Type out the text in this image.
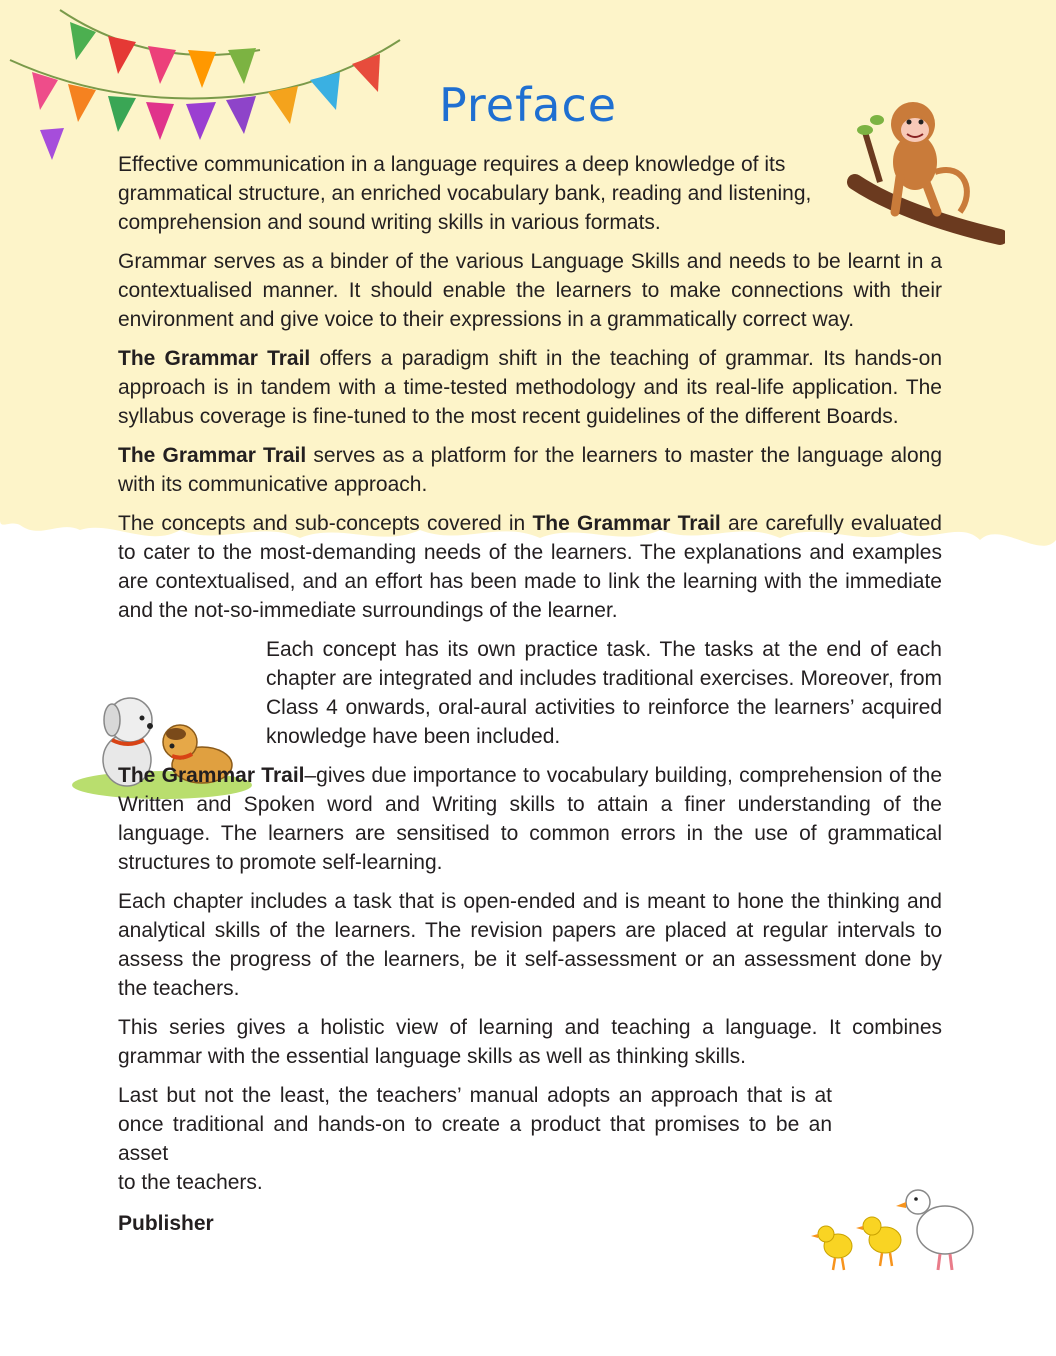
Preface

Effective communication in a language requires a deep knowledge of its grammatical structure, an enriched vocabulary bank, reading and listening, comprehension and sound writing skills in various formats.

Grammar serves as a binder of the various Language Skills and needs to be learnt in a contextualised manner. It should enable the learners to make connections with their environment and give voice to their expressions in a grammatically correct way.

The Grammar Trail offers a paradigm shift in the teaching of grammar. Its hands-on approach is in tandem with a time-tested methodology and its real-life application. The syllabus coverage is fine-tuned to the most recent guidelines of the different Boards.

The Grammar Trail serves as a platform for the learners to master the language along with its communicative approach.

The concepts and sub-concepts covered in The Grammar Trail are carefully evaluated to cater to the most-demanding needs of the learners. The explanations and examples are contextualised, and an effort has been made to link the learning with the immediate and the not-so-immediate surroundings of the learner.

Each concept has its own practice task. The tasks at the end of each chapter are integrated and includes traditional exercises. Moreover, from Class 4 onwards, oral-aural activities to reinforce the learners’ acquired knowledge have been included.

The Grammar Trail–gives due importance to vocabulary building, comprehension of the Written and Spoken word and Writing skills to attain a finer understanding of the language. The learners are sensitised to common errors in the use of grammatical structures to promote self-learning.

Each chapter includes a task that is open-ended and is meant to hone the thinking and analytical skills of the learners. The revision papers are placed at regular intervals to assess the progress of the learners, be it self-assessment or an assessment done by the teachers.

This series gives a holistic view of learning and teaching a language. It combines grammar with the essential language skills as well as thinking skills.

Last but not the least, the teachers’ manual adopts an approach that is at once traditional and hands-on to create a product that promises to be an asset
to the teachers.

Publisher
